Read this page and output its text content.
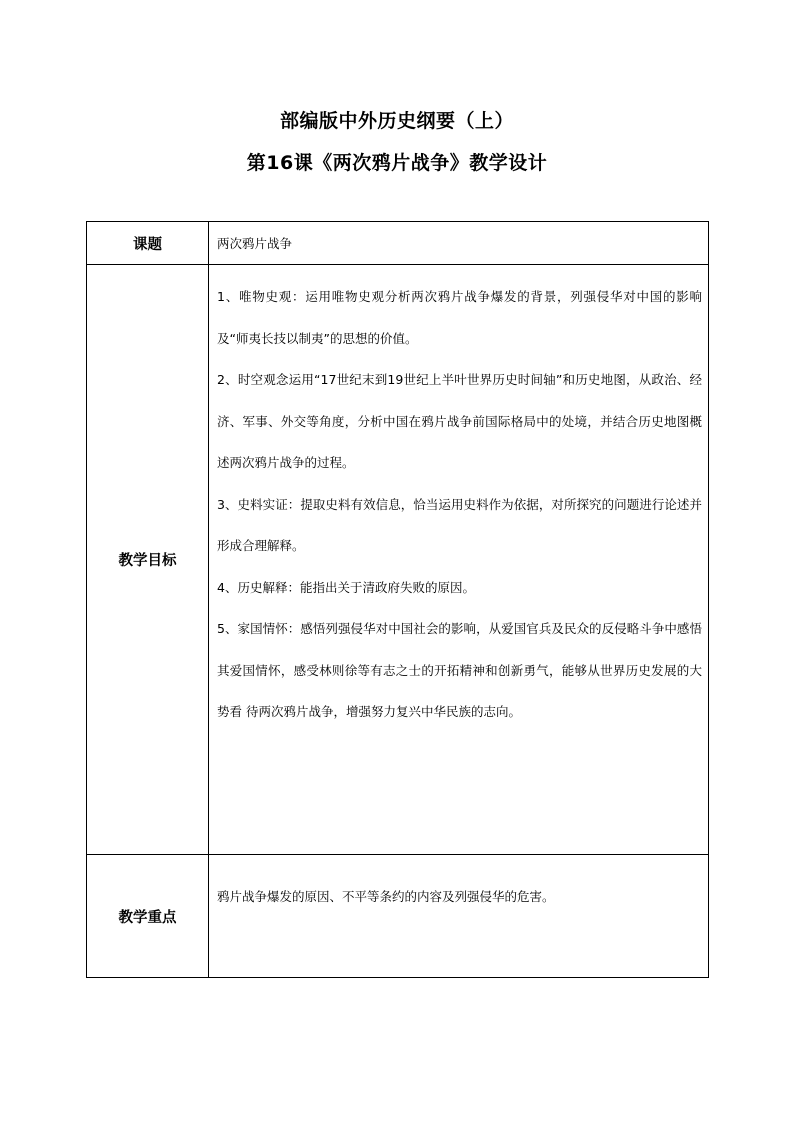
部编版中外历史纲要（上）
第16课《两次鸦片战争》教学设计
课题	两次鸦片战争
教学目标	1、唯物史观：运用唯物史观分析两次鸦片战争爆发的背景，列强侵华对中国的影响及“师夷长技以制夷”的思想的价值。
2、时空观念运用“17世纪末到19世纪上半叶世界历史时间轴”和历史地图，从政治、经济、军事、外交等角度，分析中国在鸦片战争前国际格局中的处境，并结合历史地图概述两次鸦片战争的过程。
3、史料实证：提取史料有效信息，恰当运用史料作为依据，对所探究的问题进行论述并形成合理解释。
4、历史解释：能指出关于清政府失败的原因。
5、家国情怀：感悟列强侵华对中国社会的影响，从爱国官兵及民众的反侵略斗争中感悟其爱国情怀，感受林则徐等有志之士的开拓精神和创新勇气，能够从世界历史发展的大势看 待两次鸦片战争，增强努力复兴中华民族的志向。

教学重点	鸦片战争爆发的原因、不平等条约的内容及列强侵华的危害。
